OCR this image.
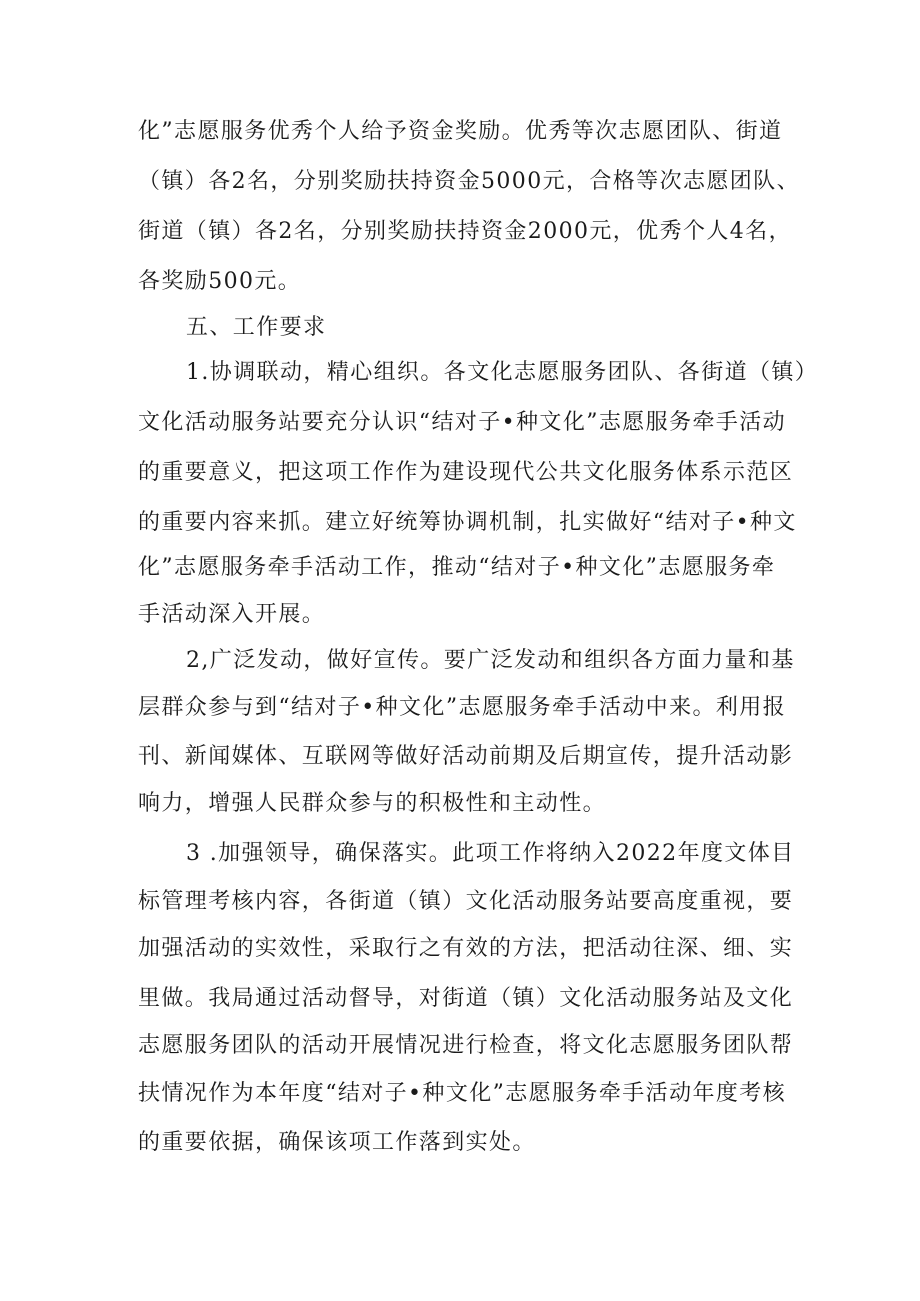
化”志愿服务优秀个人给予资金奖励。优秀等次志愿团队、街道
（镇）各2名，分别奖励扶持资金5000元，合格等次志愿团队、
街道（镇）各2名，分别奖励扶持资金2000元，优秀个人4名，
各奖励500元。
五、工作要求
1.协调联动，精心组织。各文化志愿服务团队、各街道（镇）
文化活动服务站要充分认识“结对子•种文化”志愿服务牵手活动
的重要意义，把这项工作作为建设现代公共文化服务体系示范区
的重要内容来抓。建立好统筹协调机制，扎实做好“结对子•种文
化”志愿服务牵手活动工作，推动“结对子•种文化”志愿服务牵
手活动深入开展。
2,广泛发动，做好宣传。要广泛发动和组织各方面力量和基
层群众参与到“结对子•种文化”志愿服务牵手活动中来。利用报
刊、新闻媒体、互联网等做好活动前期及后期宣传，提升活动影
响力，增强人民群众参与的积极性和主动性。
3 .加强领导，确保落实。此项工作将纳入2022年度文体目
标管理考核内容，各街道（镇）文化活动服务站要高度重视，要
加强活动的实效性，采取行之有效的方法，把活动往深、细、实
里做。我局通过活动督导，对街道（镇）文化活动服务站及文化
志愿服务团队的活动开展情况进行检查，将文化志愿服务团队帮
扶情况作为本年度“结对子•种文化”志愿服务牵手活动年度考核
的重要依据，确保该项工作落到实处。
